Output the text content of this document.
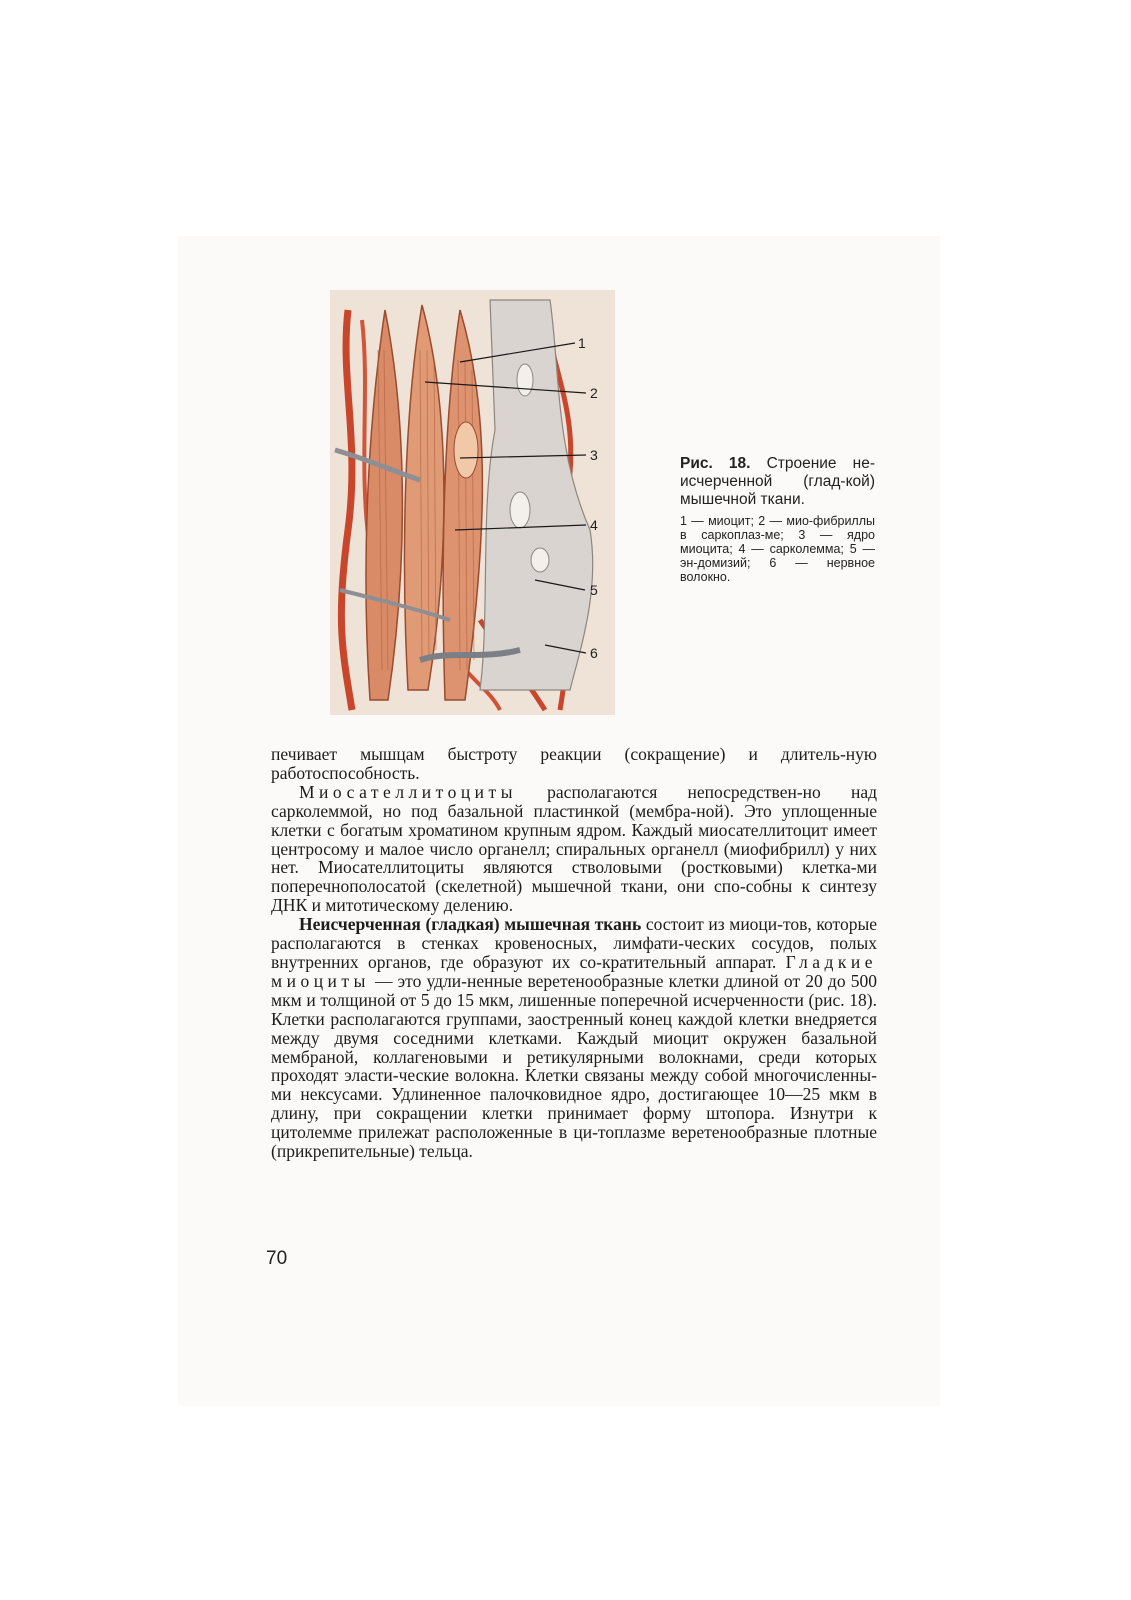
1
2
3
4
5
6
Рис. 18. Строение не-исчерченной (глад-кой) мышечной ткани.
1 — миоцит; 2 — мио-фибриллы в саркоплаз-ме; 3 — ядро миоцита; 4 — сарколемма; 5 — эн-домизий; 6 — нервное волокно.

печивает мышцам быстроту реакции (сокращение) и длитель-ную работоспособность.

Миосателлитоциты располагаются непосредствен-но над сарколеммой, но под базальной пластинкой (мембра-ной). Это уплощенные клетки с богатым хроматином крупным ядром. Каждый миосателлитоцит имеет центросому и малое число органелл; спиральных органелл (миофибрилл) у них нет. Миосателлитоциты являются стволовыми (ростковыми) клетка-ми поперечнополосатой (скелетной) мышечной ткани, они спо-собны к синтезу ДНК и митотическому делению.

Неисчерченная (гладкая) мышечная ткань состоит из миоци-тов, которые располагаются в стенках кровеносных, лимфати-ческих сосудов, полых внутренних органов, где образуют их со-кратительный аппарат. Гладкие миоциты — это удли-ненные веретенообразные клетки длиной от 20 до 500 мкм и толщиной от 5 до 15 мкм, лишенные поперечной исчерченности (рис. 18). Клетки располагаются группами, заостренный конец каждой клетки внедряется между двумя соседними клетками. Каждый миоцит окружен базальной мембраной, коллагеновыми и ретикулярными волокнами, среди которых проходят эласти-ческие волокна. Клетки связаны между собой многочисленны-ми нексусами. Удлиненное палочковидное ядро, достигающее 10—25 мкм в длину, при сокращении клетки принимает форму штопора. Изнутри к цитолемме прилежат расположенные в ци-топлазме веретенообразные плотные (прикрепительные) тельца.

70
